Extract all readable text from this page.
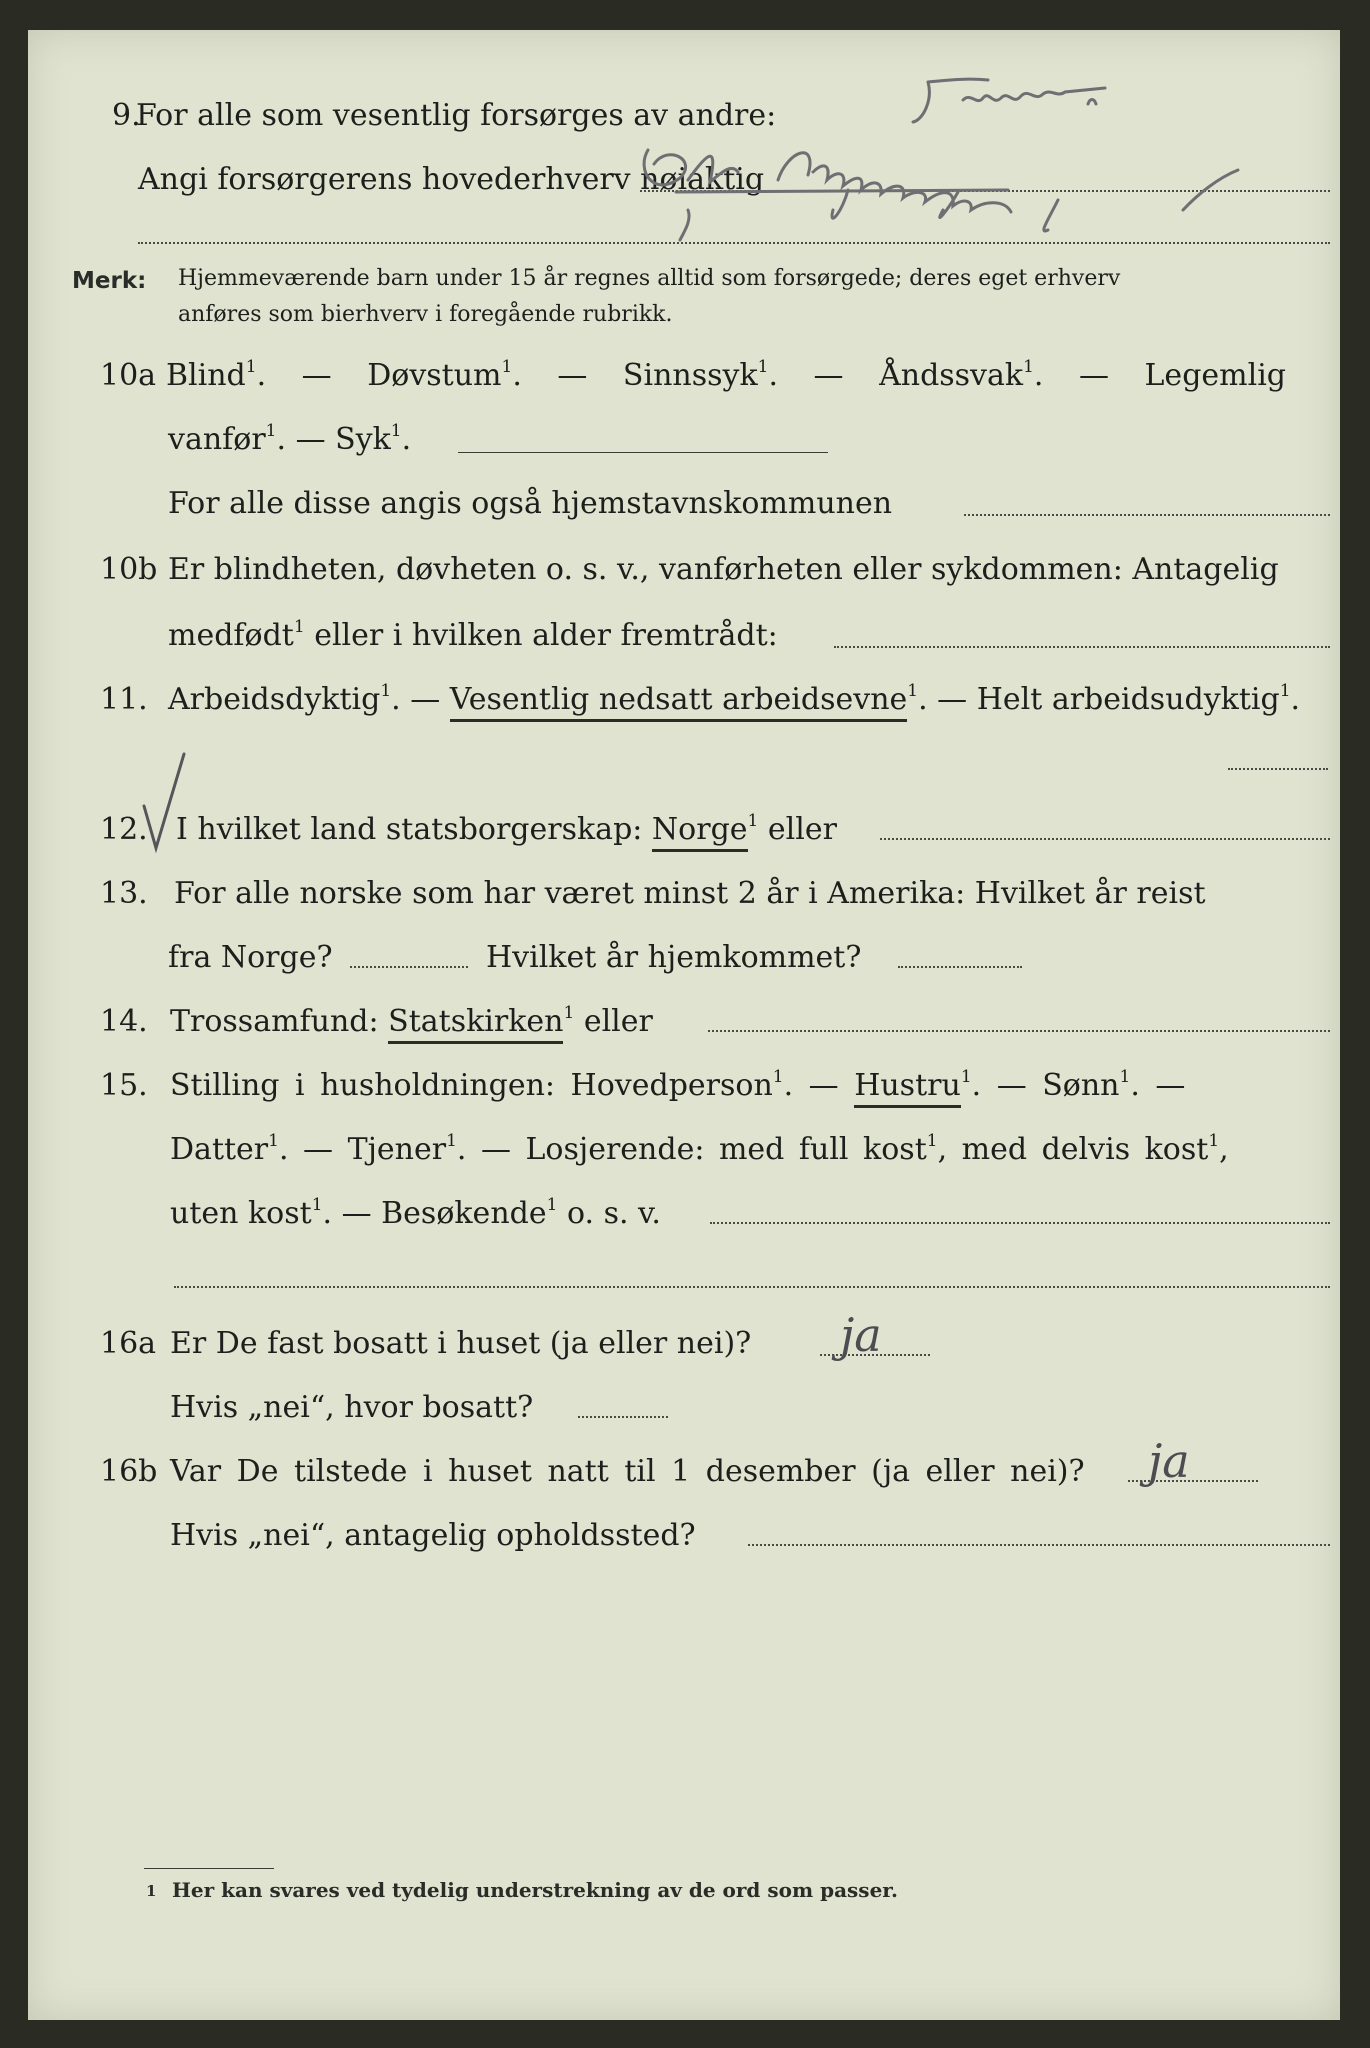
9.
For alle som vesentlig forsørges av andre:
Angi forsørgerens hovederhverv nøiaktig
Merk: Hjemmeværende barn under 15 år regnes alltid som forsørgede; deres eget erhverv
anføres som bierhverv i foregående rubrikk.
10a Blind$^1$. — Døvstum$^1$. — Sinnssyk$^1$. — Åndssvak$^1$. — Legemlig
vanfør$^1$. — Syk$^1$.
For alle disse angis også hjemstavnskommunen
10b Er blindheten, døvheten o. s. v., vanførheten eller sykdommen: Antagelig
medfødt$^1$ eller i hvilken alder fremtrådt:
11. Arbeidsdyktig$^1$. — Vesentlig nedsatt arbeidsevne$^1$. — Helt arbeidsudyktig$^1$.
12. I hvilket land statsborgerskap: Norge$^1$ eller
13. For alle norske som har været minst 2 år i Amerika: Hvilket år reist
fra Norge?	Hvilket år hjemkommet?
14. Trossamfund: Statskirken$^1$ eller
15. Stilling i husholdningen: Hovedperson$^1$. — Hustru$^1$. — Sønn$^1$. —
Datter$^1$. — Tjener$^1$. — Losjerende: med full kost$^1$, med delvis kost$^1$,
uten kost$^1$. — Besøkende$^1$ o. s. v.
16a Er De fast bosatt i huset (ja eller nei)? ja
Hvis „nei“, hvor bosatt?
16b Var De tilstede i huset natt til 1 desember (ja eller nei)? ja
Hvis „nei“, antagelig opholdssted?
1 Her kan svares ved tydelig understrekning av de ord som passer.
